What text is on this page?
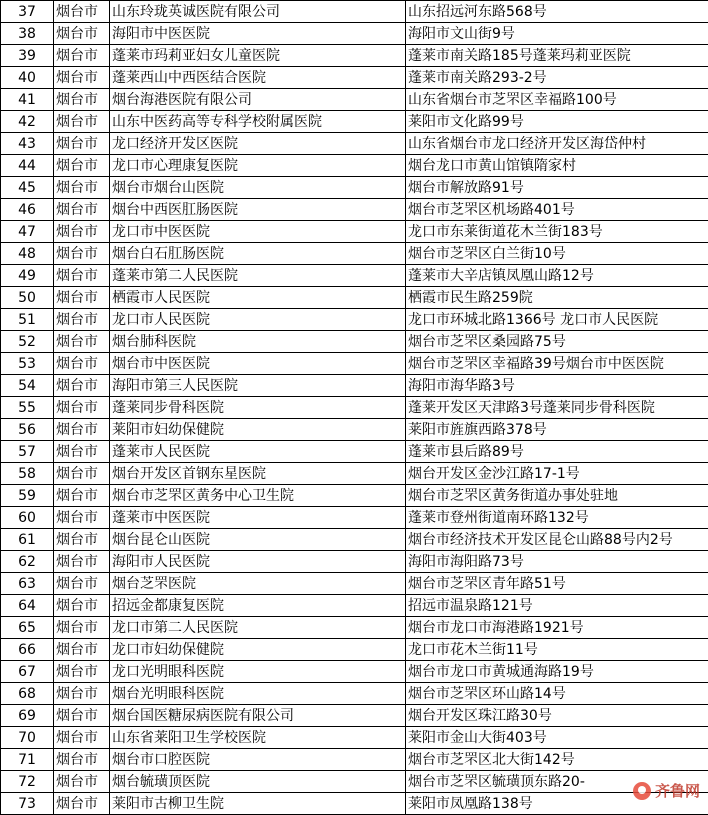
37	烟台市	山东玲珑英诚医院有限公司	山东招远河东路568号
38	烟台市	海阳市中医医院	海阳市文山街9号
39	烟台市	蓬莱市玛莉亚妇女儿童医院	蓬莱市南关路185号蓬莱玛莉亚医院
40	烟台市	蓬莱西山中西医结合医院	蓬莱市南关路293-2号
41	烟台市	烟台海港医院有限公司	山东省烟台市芝罘区幸福路100号
42	烟台市	山东中医药高等专科学校附属医院	莱阳市文化路99号
43	烟台市	龙口经济开发区医院	山东省烟台市龙口经济开发区海岱仲村
44	烟台市	龙口市心理康复医院	烟台龙口市黄山馆镇隋家村
45	烟台市	烟台市烟台山医院	烟台市解放路91号
46	烟台市	烟台中西医肛肠医院	烟台市芝罘区机场路401号
47	烟台市	龙口市中医医院	龙口市东莱街道花木兰街183号
48	烟台市	烟台白石肛肠医院	烟台市芝罘区白兰街10号
49	烟台市	蓬莱市第二人民医院	蓬莱市大辛店镇凤凰山路12号
50	烟台市	栖霞市人民医院	栖霞市民生路259院
51	烟台市	龙口市人民医院	龙口市环城北路1366号 龙口市人民医院
52	烟台市	烟台肺科医院	烟台市芝罘区桑园路75号
53	烟台市	烟台市中医医院	烟台市芝罘区幸福路39号烟台市中医医院
54	烟台市	海阳市第三人民医院	海阳市海华路3号
55	烟台市	蓬莱同步骨科医院	蓬莱开发区天津路3号蓬莱同步骨科医院
56	烟台市	莱阳市妇幼保健院	莱阳市旌旗西路378号
57	烟台市	蓬莱市人民医院	蓬莱市县后路89号
58	烟台市	烟台开发区首钢东星医院	烟台开发区金沙江路17-1号
59	烟台市	烟台市芝罘区黄务中心卫生院	烟台市芝罘区黄务街道办事处驻地
60	烟台市	蓬莱市中医医院	蓬莱市登州街道南环路132号
61	烟台市	烟台昆仑山医院	烟台市经济技术开发区昆仑山路88号内2号
62	烟台市	海阳市人民医院	海阳市海阳路73号
63	烟台市	烟台芝罘医院	烟台市芝罘区青年路51号
64	烟台市	招远金都康复医院	招远市温泉路121号
65	烟台市	龙口市第二人民医院	烟台市龙口市海港路1921号
66	烟台市	龙口市妇幼保健院	龙口市花木兰街11号
67	烟台市	龙口光明眼科医院	烟台市龙口市黄城通海路19号
68	烟台市	烟台光明眼科医院	烟台市芝罘区环山路14号
69	烟台市	烟台国医糖尿病医院有限公司	烟台开发区珠江路30号
70	烟台市	山东省莱阳卫生学校医院	莱阳市金山大街403号
71	烟台市	烟台市口腔医院	烟台市芝罘区北大街142号
72	烟台市	烟台毓璜顶医院	烟台市芝罘区毓璜顶东路20-
73	烟台市	莱阳市古柳卫生院	莱阳市凤凰路138号
齐鲁网
